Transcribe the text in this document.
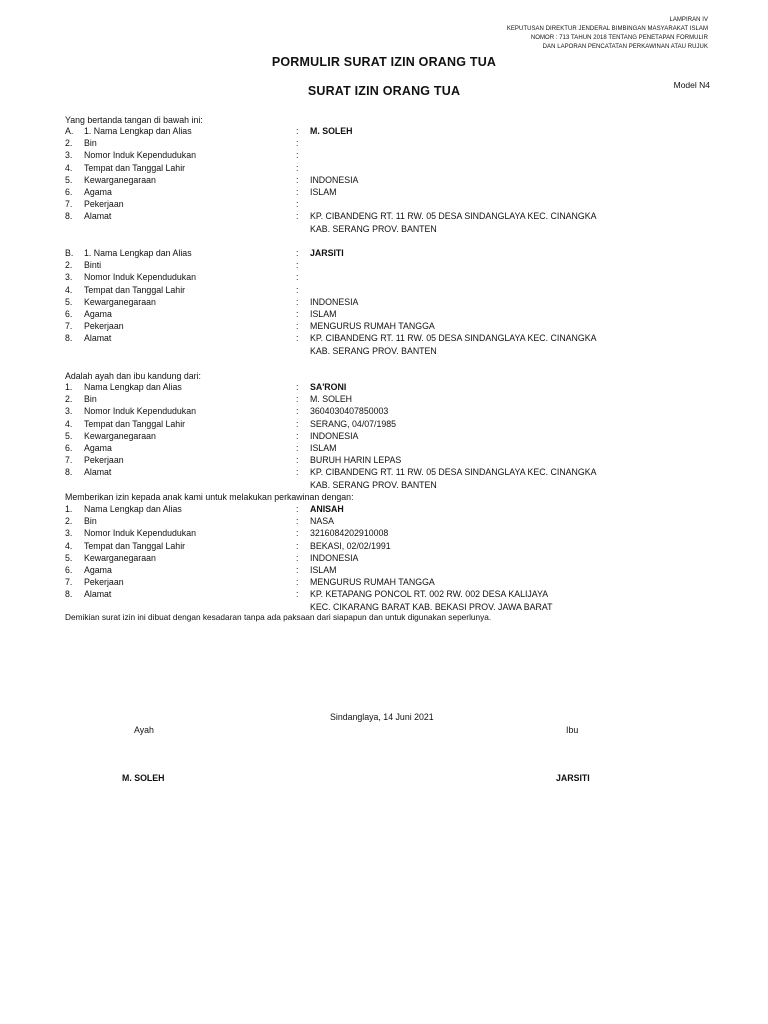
LAMPIRAN IV
KEPUTUSAN DIREKTUR JENDERAL BIMBINGAN MASYARAKAT ISLAM
NOMOR : 713 TAHUN 2018 TENTANG PENETAPAN FORMULIR
DAN LAPORAN PENCATATAN PERKAWINAN ATAU RUJUK
PORMULIR SURAT IZIN ORANG TUA
Model N4
SURAT IZIN ORANG TUA
Yang bertanda tangan di bawah ini:
A. 1. Nama Lengkap dan Alias	: M. SOLEH
2. Bin	:
3. Nomor Induk Kependudukan	:
4. Tempat dan Tanggal Lahir	:
5. Kewarganegaraan	: INDONESIA
6. Agama	: ISLAM
7. Pekerjaan	:
8. Alamat	: KP. CIBANDENG RT. 11 RW. 05 DESA SINDANGLAYA KEC. CINANGKA
KAB. SERANG PROV. BANTEN
B. 1. Nama Lengkap dan Alias	: JARSITI
2. Binti	:
3. Nomor Induk Kependudukan	:
4. Tempat dan Tanggal Lahir	:
5. Kewarganegaraan	: INDONESIA
6. Agama	: ISLAM
7. Pekerjaan	: MENGURUS RUMAH TANGGA
8. Alamat	: KP. CIBANDENG RT. 11 RW. 05 DESA SINDANGLAYA KEC. CINANGKA
KAB. SERANG PROV. BANTEN
Adalah ayah dan ibu kandung dari:
1. Nama Lengkap dan Alias	: SA'RONI
2. Bin	: M. SOLEH
3. Nomor Induk Kependudukan	: 3604030407850003
4. Tempat dan Tanggal Lahir	: SERANG, 04/07/1985
5. Kewarganegaraan	: INDONESIA
6. Agama	: ISLAM
7. Pekerjaan	: BURUH HARIN LEPAS
8. Alamat	: KP. CIBANDENG RT. 11 RW. 05 DESA SINDANGLAYA KEC. CINANGKA
KAB. SERANG PROV. BANTEN
Memberikan izin kepada anak kami untuk melakukan perkawinan dengan:
1. Nama Lengkap dan Alias	: ANISAH
2. Bin	: NASA
3. Nomor Induk Kependudukan	: 3216084202910008
4. Tempat dan Tanggal Lahir	: BEKASI, 02/02/1991
5. Kewarganegaraan	: INDONESIA
6. Agama	: ISLAM
7. Pekerjaan	: MENGURUS RUMAH TANGGA
8. Alamat	: KP. KETAPANG PONCOL RT. 002 RW. 002 DESA KALIJAYA
KEC. CIKARANG BARAT KAB. BEKASI PROV. JAWA BARAT
Demikian surat izin ini dibuat dengan kesadaran tanpa ada paksaan dari siapapun dan untuk digunakan seperlunya.
Sindanglaya, 14 Juni 2021
Ayah	Ibu
M. SOLEH	JARSITI
